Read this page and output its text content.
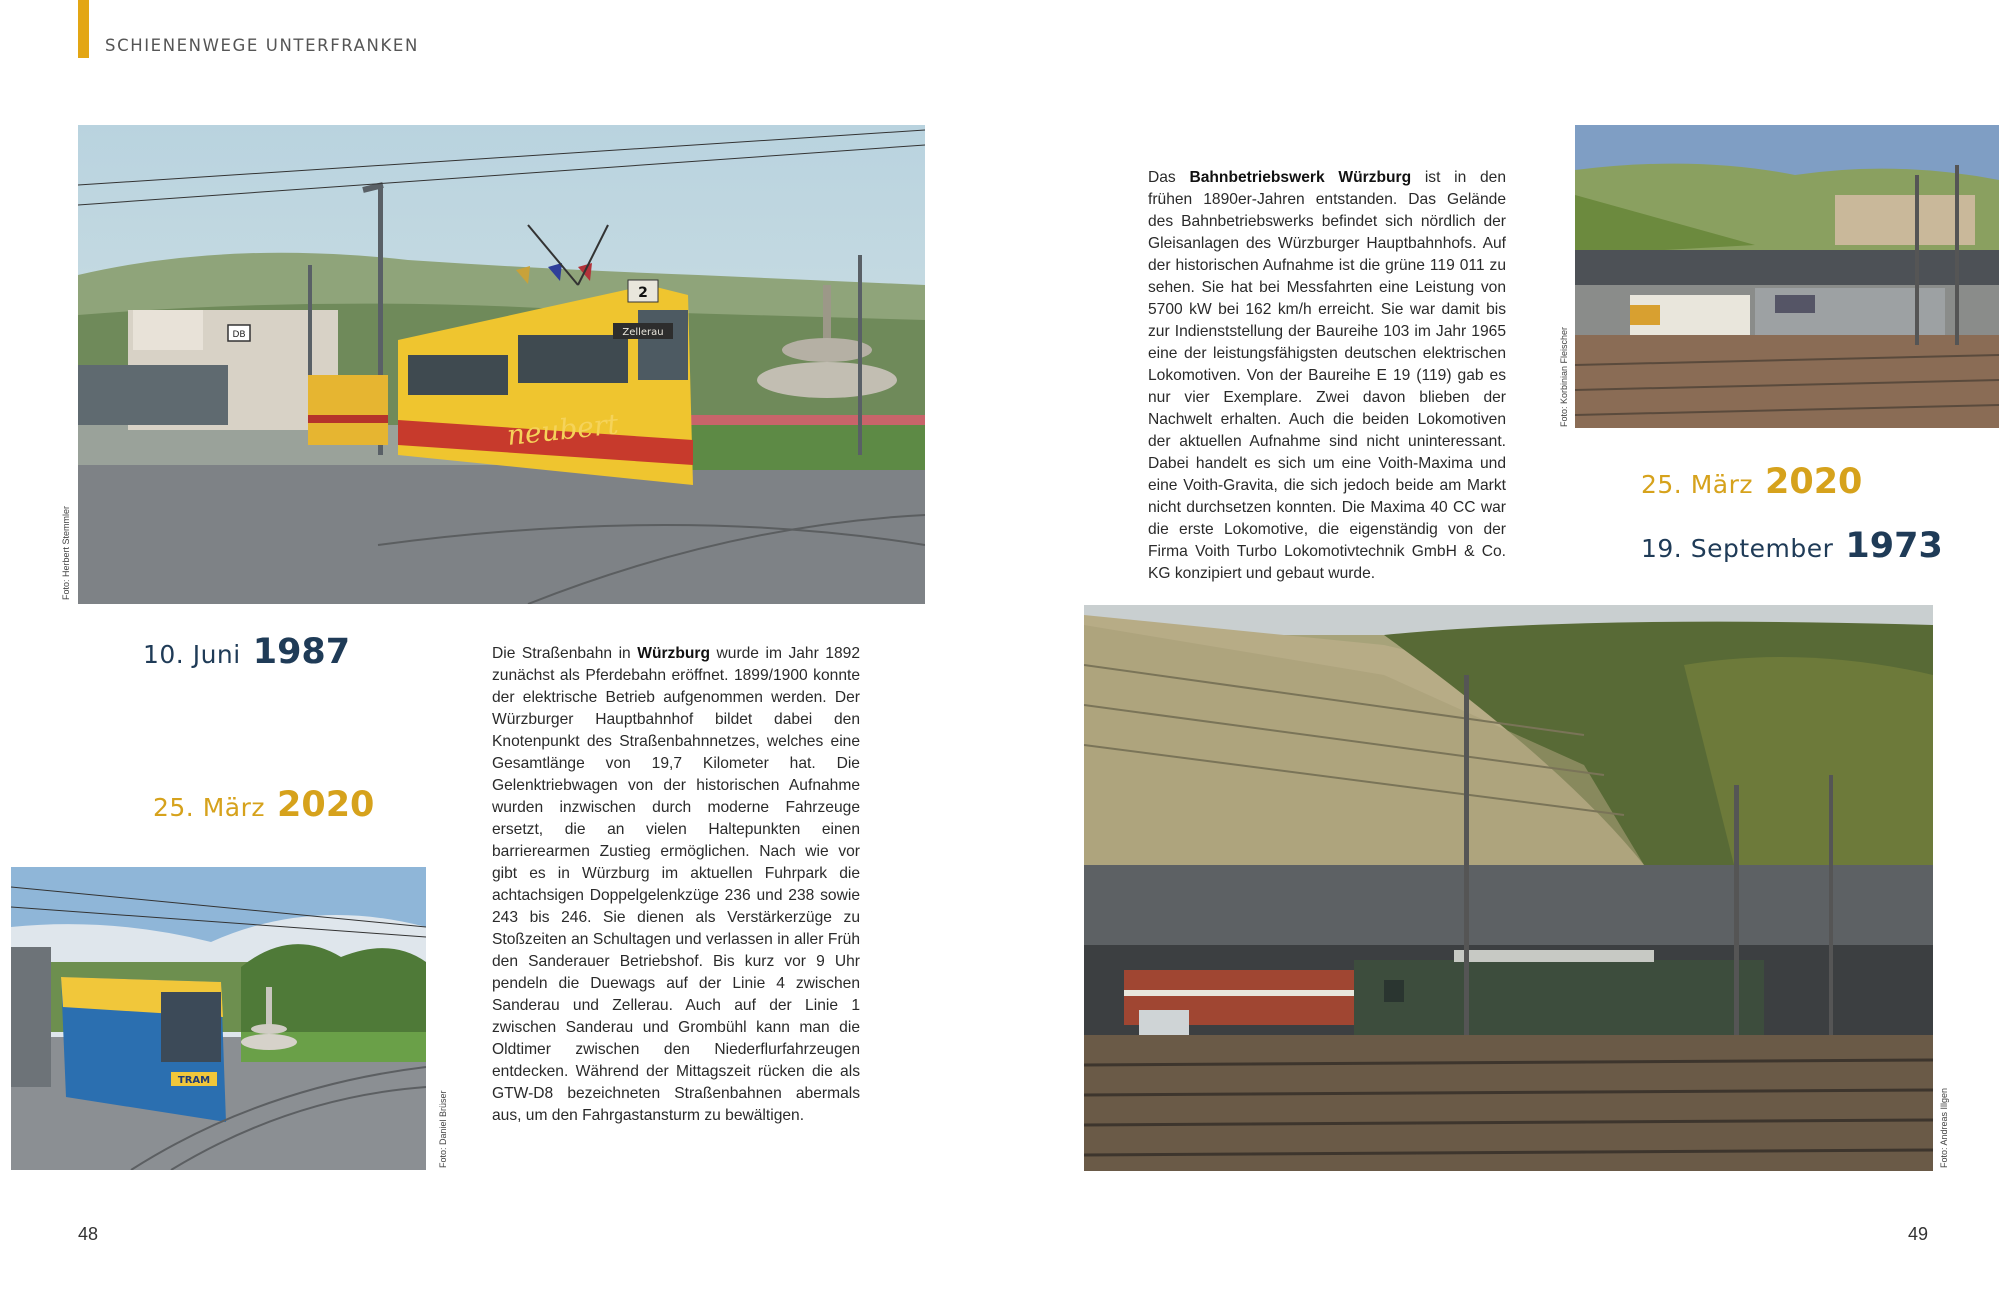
SCHIENENWEGE UNTERFRANKEN
DB
2
Zellerau
neubert
Foto: Herbert Stemmler
10. Juni 1987
25. März 2020
TRAM
Foto: Daniel Brüser

Die Straßenbahn in Würzburg wurde im Jahr 1892 zunächst als Pferdebahn eröffnet. 1899/1900 konnte der elektrische Betrieb aufgenommen werden. Der Würzburger Hauptbahnhof bildet dabei den Knotenpunkt des Straßenbahnnetzes, welches eine Gesamtlänge von 19,7 Kilometer hat. Die Gelenktriebwagen von der historischen Aufnahme wurden inzwischen durch moderne Fahrzeuge ersetzt, die an vielen Haltepunkten einen barrierearmen Zustieg ermöglichen. Nach wie vor gibt es in Würzburg im aktuellen Fuhrpark die achtachsigen Doppelgelenkzüge 236 und 238 sowie 243 bis 246. Sie dienen als Verstärkerzüge zu Stoßzeiten an Schultagen und verlassen in aller Früh den Sanderauer Betriebshof. Bis kurz vor 9 Uhr pendeln die Duewags auf der Linie 4 zwischen Sanderau und Zellerau. Auch auf der Linie 1 zwischen Sanderau und Grombühl kann man die Oldtimer zwischen den Niederflurfahrzeugen entdecken. Während der Mittagszeit rücken die als GTW-D8 bezeichneten Straßenbahnen abermals aus, um den Fahrgastansturm zu bewältigen.

48

Das Bahnbetriebswerk Würzburg ist in den frühen 1890er-Jahren entstanden. Das Gelände des Bahnbetriebswerks befindet sich nördlich der Gleisanlagen des Würzburger Hauptbahnhofs. Auf der historischen Aufnahme ist die grüne 119 011 zu sehen. Sie hat bei Messfahrten eine Leistung von 5700 kW bei 162 km/h erreicht. Sie war damit bis zur Indienststellung der Baureihe 103 im Jahr 1965 eine der leistungsfähigsten deutschen elektrischen Lokomotiven. Von der Baureihe E 19 (119) gab es nur vier Exemplare. Zwei davon blieben der Nachwelt erhalten. Auch die beiden Lokomotiven der aktuellen Aufnahme sind nicht uninteressant. Dabei handelt es sich um eine Voith-Maxima und eine Voith-Gravita, die sich jedoch beide am Markt nicht durchsetzen konnten. Die Maxima 40 CC war die erste Lokomotive, die eigenständig von der Firma Voith Turbo Lokomotivtechnik GmbH & Co. KG konzipiert und gebaut wurde.

Foto: Korbinian Fleischer
25. März 2020
19. September 1973
Foto: Andreas Illgen
49
